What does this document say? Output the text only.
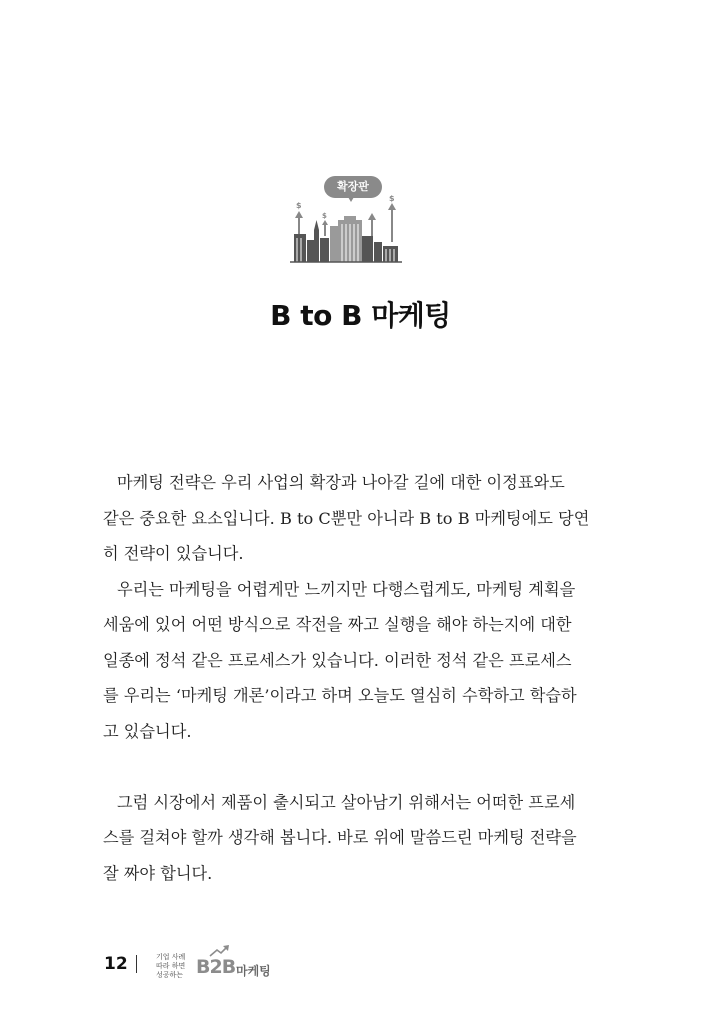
$
$
$
확장판
B to B 마케팅

마케팅 전략은 우리 사업의 확장과 나아갈 길에 대한 이정표와도
같은 중요한 요소입니다. B to C뿐만 아니라 B to B 마케팅에도 당연
히 전략이 있습니다.

우리는 마케팅을 어렵게만 느끼지만 다행스럽게도, 마케팅 계획을
세움에 있어 어떤 방식으로 작전을 짜고 실행을 해야 하는지에 대한
일종에 정석 같은 프로세스가 있습니다. 이러한 정석 같은 프로세스
를 우리는 ‘마케팅 개론’이라고 하며 오늘도 열심히 수학하고 학습하
고 있습니다.

그럼 시장에서 제품이 출시되고 살아남기 위해서는 어떠한 프로세
스를 걸쳐야 할까 생각해 봅니다. 바로 위에 말씀드린 마케팅 전략을
잘 짜야 합니다.

12	기업 사례
따라 하면
성공하는 B2B 마케팅
